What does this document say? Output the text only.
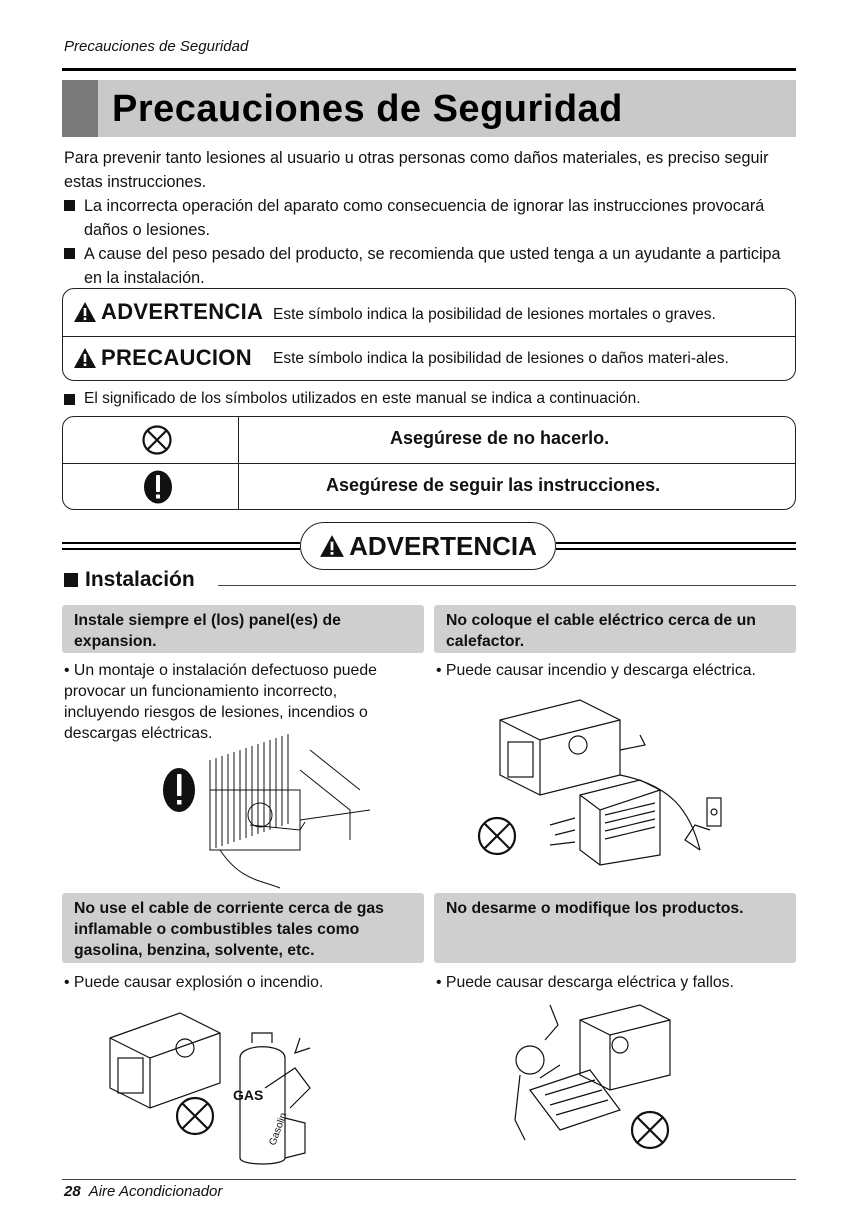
Precauciones de Seguridad
Precauciones de Seguridad
Para prevenir tanto lesiones al usuario u otras personas como daños materiales, es preciso seguir estas instrucciones.
La incorrecta operación del aparato como consecuencia de ignorar las instrucciones provocará daños o lesiones.
A cause del peso pesado del producto, se recomienda que usted tenga a un ayudante a participa en la instalación.
ADVERTENCIA Este símbolo indica la posibilidad de lesiones mortales o graves.
PRECAUCION Este símbolo indica la posibilidad de lesiones o daños materi-ales.
El significado de los símbolos utilizados en este manual se indica a continuación.
Asegúrese de no hacerlo.
Asegúrese de seguir las instrucciones.
ADVERTENCIA
Instalación
Instale siempre el (los) panel(es) de expansion.
• Un montaje o instalación defectuoso puede provocar un funcionamiento incorrecto, incluyendo riesgos de lesiones, incendios o descargas eléctricas.
No coloque el cable eléctrico cerca de un calefactor.
• Puede causar incendio y descarga eléctrica.
No use el cable de corriente cerca de gas inflamable o combustibles tales como gasolina, benzina, solvente, etc.
• Puede causar explosión o incendio.
GAS
Gasolin
No desarme o modifique los productos.
• Puede causar descarga eléctrica y fallos.
28 Aire Acondicionador
